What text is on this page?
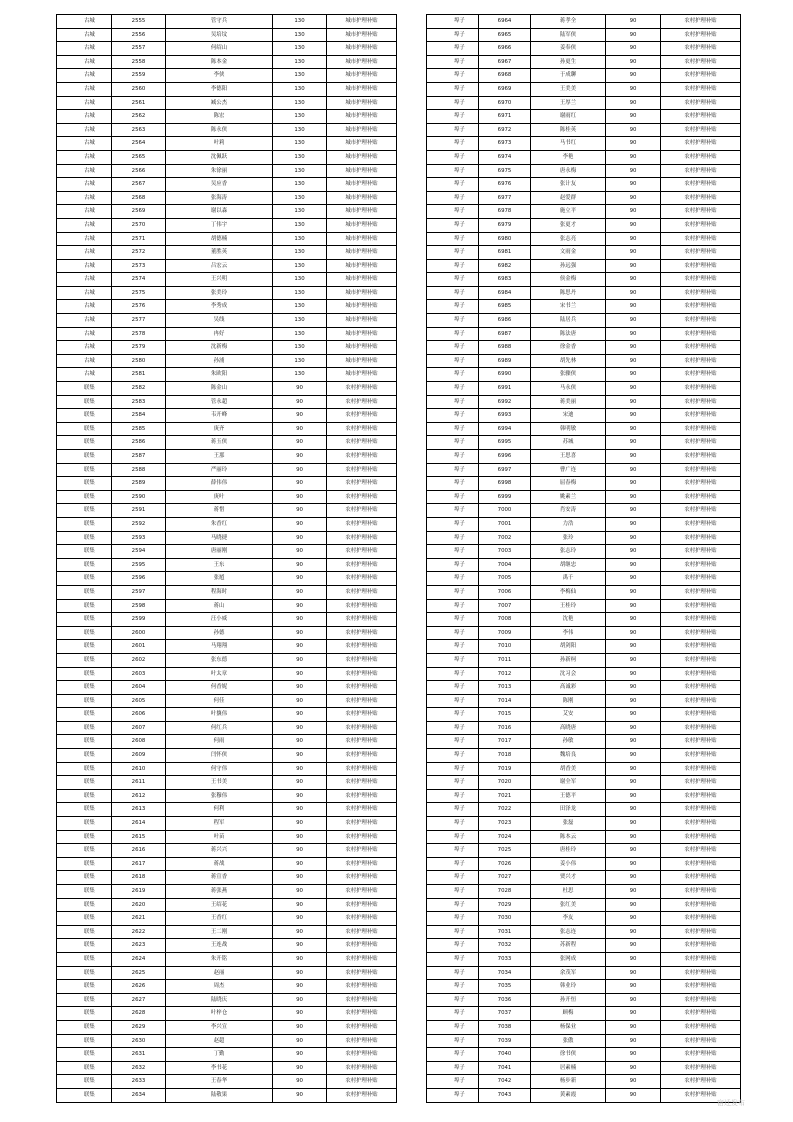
古城	2555	管守兵	130	城市护理补贴
古城	2556	吴培坟	130	城市护理补贴
古城	2557	何绍山	130	城市护理补贴
古城	2558	陈本金	130	城市护理补贴
古城	2559	李侠	130	城市护理补贴
古城	2560	李德阳	130	城市护理补贴
古城	2561	臧公杰	130	城市护理补贴
古城	2562	陈宏	130	城市护理补贴
古城	2563	陈永侠	130	城市护理补贴
古城	2564	叶莉	130	城市护理补贴
古城	2565	沈佩跃	130	城市护理补贴
古城	2566	朱徐丽	130	城市护理补贴
古城	2567	吴应香	130	城市护理补贴
古城	2568	张海涛	130	城市护理补贴
古城	2569	谢以森	130	城市护理补贴
古城	2570	丁伟宇	130	城市护理补贴
古城	2571	胡德楠	130	城市护理补贴
古城	2572	董胜英	130	城市护理补贴
古城	2573	吕宏云	130	城市护理补贴
古城	2574	王兴明	130	城市护理补贴
古城	2575	张美玲	130	城市护理补贴
古城	2576	李秀成	130	城市护理补贴
古城	2577	吴线	130	城市护理补贴
古城	2578	冉好	130	城市护理补贴
古城	2579	沈新梅	130	城市护理补贴
古城	2580	孙浦	130	城市护理补贴
古城	2581	朱欧阳	130	城市护理补贴
联集	2582	陈金山	90	农村护理补贴
联集	2583	管永超	90	农村护理补贴
联集	2584	韦开峰	90	农村护理补贴
联集	2585	庚齐	90	农村护理补贴
联集	2586	蒋玉侠	90	农村护理补贴
联集	2587	王那	90	农村护理补贴
联集	2588	严丽玲	90	农村护理补贴
联集	2589	薛伟伟	90	农村护理补贴
联集	2590	庚叶	90	农村护理补贴
联集	2591	蒋惜	90	农村护理补贴
联集	2592	朱香红	90	农村护理补贴
联集	2593	马晓捷	90	农村护理补贴
联集	2594	唐丽刚	90	农村护理补贴
联集	2595	王东	90	农村护理补贴
联集	2596	张馗	90	农村护理补贴
联集	2597	程海时	90	农村护理补贴
联集	2598	蒋山	90	农村护理补贴
联集	2599	汪小威	90	农村护理补贴
联集	2600	孙德	90	农村护理补贴
联集	2601	马翔翔	90	农村护理补贴
联集	2602	张东德	90	农村护理补贴
联集	2603	叶太章	90	农村护理补贴
联集	2604	何香妮	90	农村护理补贴
联集	2605	何佳	90	农村护理补贴
联集	2606	叶攘伟	90	农村护理补贴
联集	2607	何红兵	90	农村护理补贴
联集	2608	何雨	90	农村护理补贴
联集	2609	闫怀侠	90	农村护理补贴
联集	2610	何守伟	90	农村护理补贴
联集	2611	王书美	90	农村护理补贴
联集	2612	张穆伟	90	农村护理补贴
联集	2613	何利	90	农村护理补贴
联集	2614	程军	90	农村护理补贴
联集	2615	叶苗	90	农村护理补贴
联集	2616	蒋兴兴	90	农村护理补贴
联集	2617	蒋战	90	农村护理补贴
联集	2618	蒋宣香	90	农村护理补贴
联集	2619	蒋张燕	90	农村护理补贴
联集	2620	王绍花	90	农村护理补贴
联集	2621	王香红	90	农村护理补贴
联集	2622	王二刚	90	农村护理补贴
联集	2623	王连战	90	农村护理补贴
联集	2624	朱开铭	90	农村护理补贴
联集	2625	赵丽	90	农村护理补贴
联集	2626	周杰	90	农村护理补贴
联集	2627	陆晓庆	90	农村护理补贴
联集	2628	叶梓仓	90	农村护理补贴
联集	2629	李兴宣	90	农村护理补贴
联集	2630	赵超	90	农村护理补贴
联集	2631	丁勤	90	农村护理补贴
联集	2632	李书花	90	农村护理补贴
联集	2633	王春华	90	农村护理补贴
联集	2634	陆敬果	90	农村护理补贴
埠子	6964	蒋孝全	90	农村护理补贴
埠子	6965	陆军侠	90	农村护理补贴
埠子	6966	姜奉侠	90	农村护理补贴
埠子	6967	孙更生	90	农村护理补贴
埠子	6968	于成聊	90	农村护理补贴
埠子	6969	王美美	90	农村护理补贴
埠子	6970	王厚兰	90	农村护理补贴
埠子	6971	谢雨红	90	农村护理补贴
埠子	6972	陈桂英	90	农村护理补贴
埠子	6973	马书红	90	农村护理补贴
埠子	6974	李艳	90	农村护理补贴
埠子	6975	唐永梅	90	农村护理补贴
埠子	6976	张计友	90	农村护理补贴
埠子	6977	赵爱群	90	农村护理补贴
埠子	6978	施立平	90	农村护理补贴
埠子	6979	张更才	90	农村护理补贴
埠子	6980	张志亮	90	农村护理补贴
埠子	6981	文雨金	90	农村护理补贴
埠子	6982	孙远强	90	农村护理补贴
埠子	6983	侯金梅	90	农村护理补贴
埠子	6984	陈思丹	90	农村护理补贴
埠子	6985	宋书兰	90	农村护理补贴
埠子	6986	陆居兵	90	农村护理补贴
埠子	6987	陈法唐	90	农村护理补贴
埠子	6988	徐金香	90	农村护理补贴
埠子	6989	胡先林	90	农村护理补贴
埠子	6990	张骤侠	90	农村护理补贴
埠子	6991	马永侠	90	农村护理补贴
埠子	6992	蒋美丽	90	农村护理补贴
埠子	6993	宋迪	90	农村护理补贴
埠子	6994	韩明敏	90	农村护理补贴
埠子	6995	苏城	90	农村护理补贴
埠子	6996	王思喜	90	农村护理补贴
埠子	6997	曹广连	90	农村护理补贴
埠子	6998	屈春梅	90	农村护理补贴
埠子	6999	姚素兰	90	农村护理补贴
埠子	7000	肖安涛	90	农村护理补贴
埠子	7001	力浩	90	农村护理补贴
埠子	7002	张玲	90	农村护理补贴
埠子	7003	张志玲	90	农村护理补贴
埠子	7004	胡继忠	90	农村护理补贴
埠子	7005	禹千	90	农村护理补贴
埠子	7006	李梅仙	90	农村护理补贴
埠子	7007	王桂玲	90	农村护理补贴
埠子	7008	沈艳	90	农村护理补贴
埠子	7009	李伟	90	农村护理补贴
埠子	7010	胡剑阳	90	农村护理补贴
埠子	7011	孙新柯	90	农村护理补贴
埠子	7012	沈习会	90	农村护理补贴
埠子	7013	高诚彩	90	农村护理补贴
埠子	7014	陈刚	90	农村护理补贴
埠子	7015	艾安	90	农村护理补贴
埠子	7016	高晓唐	90	农村护理补贴
埠子	7017	孙敏	90	农村护理补贴
埠子	7018	魏培良	90	农村护理补贴
埠子	7019	胡香美	90	农村护理补贴
埠子	7020	谢全军	90	农村护理补贴
埠子	7021	王德平	90	农村护理补贴
埠子	7022	田泽龙	90	农村护理补贴
埠子	7023	张磊	90	农村护理补贴
埠子	7024	陈本云	90	农村护理补贴
埠子	7025	唐桂玲	90	农村护理补贴
埠子	7026	姜小伟	90	农村护理补贴
埠子	7027	贾兴才	90	农村护理补贴
埠子	7028	杜思	90	农村护理补贴
埠子	7029	张红美	90	农村护理补贴
埠子	7030	李友	90	农村护理补贴
埠子	7031	张志连	90	农村护理补贴
埠子	7032	苏新程	90	农村护理补贴
埠子	7033	张网成	90	农村护理补贴
埠子	7034	余茂军	90	农村护理补贴
埠子	7035	韩业玲	90	农村护理补贴
埠子	7036	孙开恒	90	农村护理补贴
埠子	7037	顾梅	90	农村护理补贴
埠子	7038	杨保业	90	农村护理补贴
埠子	7039	张傲	90	农村护理补贴
埠子	7040	徐书侠	90	农村护理补贴
埠子	7041	居素楠	90	农村护理补贴
埠子	7042	杨步新	90	农村护理补贴
埠子	7043	黄素霞	90	农村护理补贴
宿迁发布
